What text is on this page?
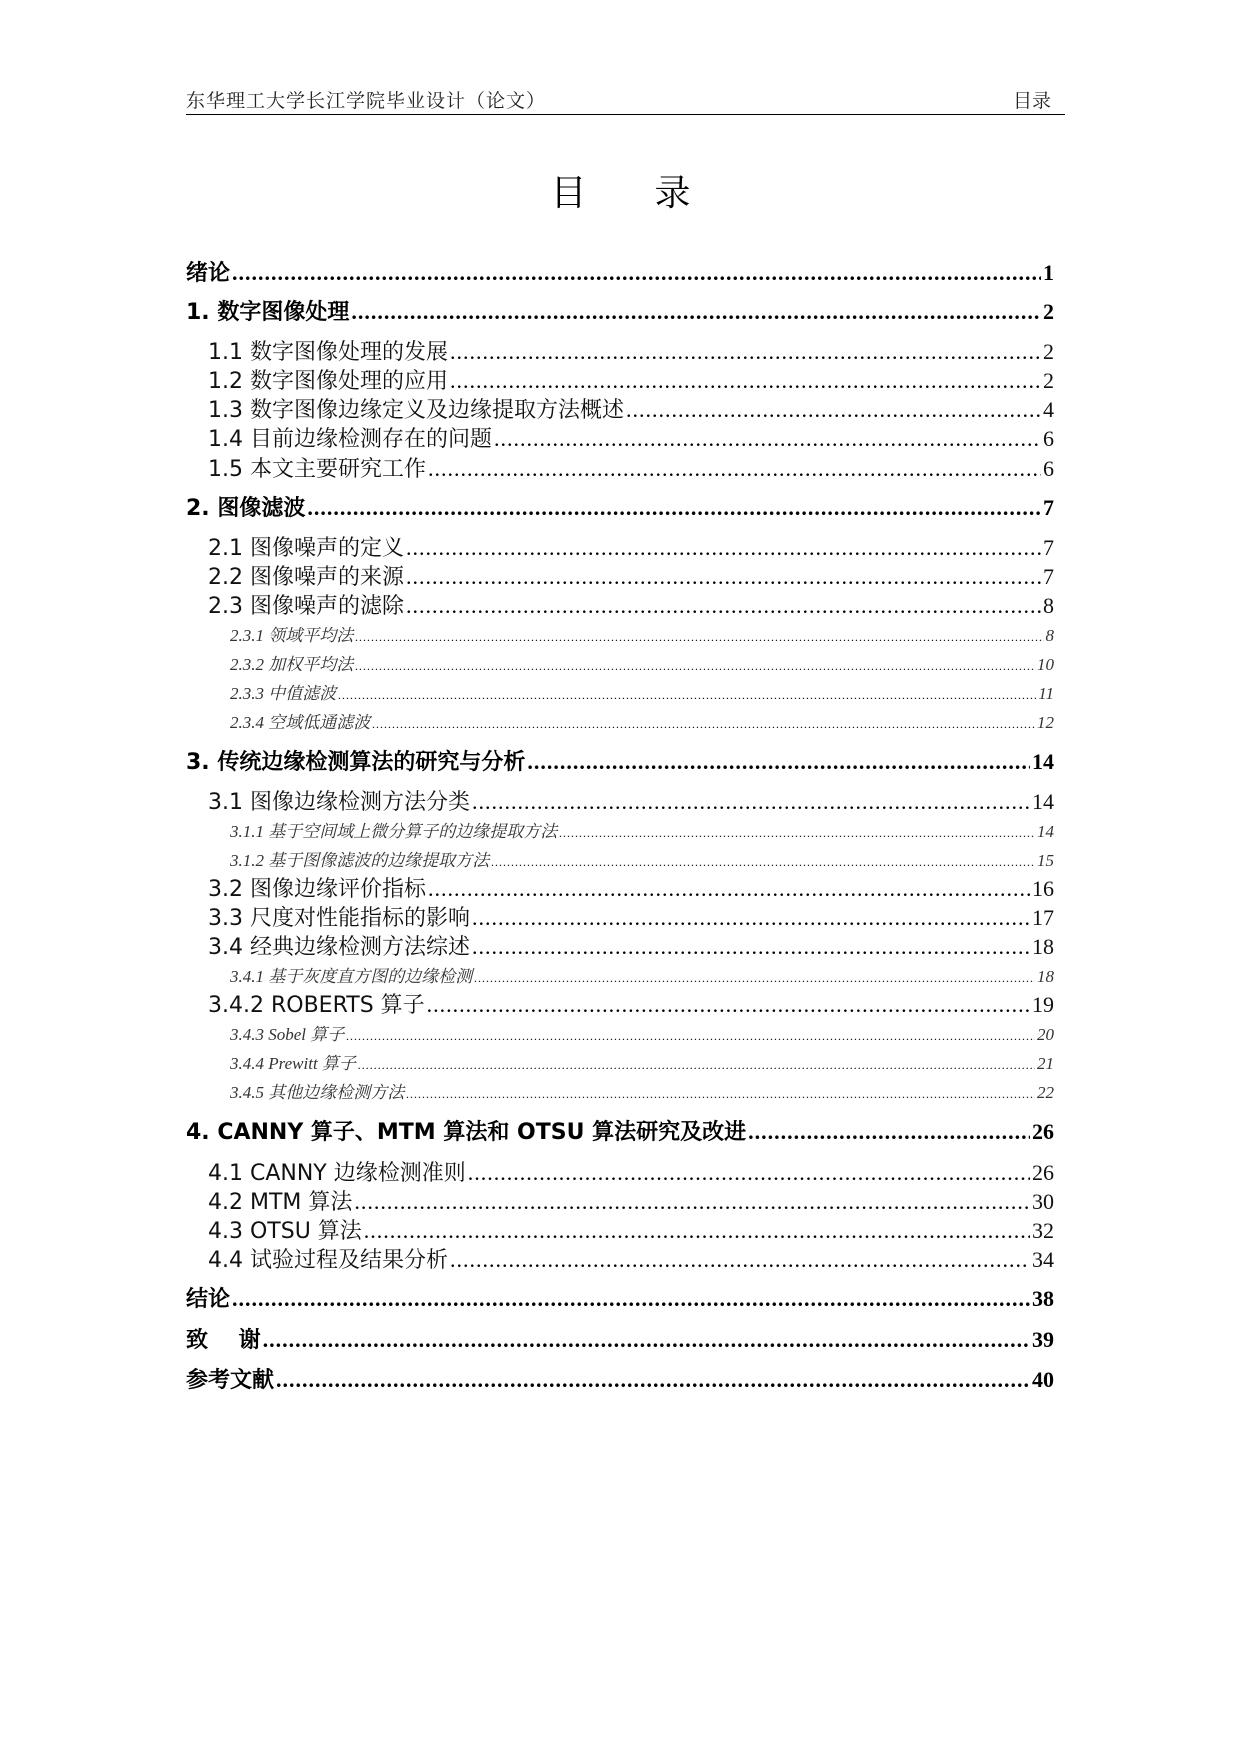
东华理工大学长江学院毕业设计（论文）	目录
目录
绪论 .....	1
1. 数字图像处理 .....	2
1.1 数字图像处理的发展 .....	2
1.2 数字图像处理的应用 .....	2
1.3 数字图像边缘定义及边缘提取方法概述 .....	4
1.4 目前边缘检测存在的问题 .....	6
1.5 本文主要研究工作 .....	6
2. 图像滤波 .....	7
2.1 图像噪声的定义 .....	7
2.2 图像噪声的来源 .....	7
2.3 图像噪声的滤除 .....	8
2.3.1 领域平均法 .....	8
2.3.2 加权平均法 .....	10
2.3.3 中值滤波 .....	11
2.3.4 空域低通滤波 .....	12
3. 传统边缘检测算法的研究与分析 .....	14
3.1 图像边缘检测方法分类 .....	14
3.1.1 基于空间域上微分算子的边缘提取方法 .....	14
3.1.2 基于图像滤波的边缘提取方法 .....	15
3.2 图像边缘评价指标 .....	16
3.3 尺度对性能指标的影响 .....	17
3.4 经典边缘检测方法综述 .....	18
3.4.1 基于灰度直方图的边缘检测 .....	18
3.4.2 ROBERTS 算子 .....	19
3.4.3 Sobel 算子 .....	20
3.4.4 Prewitt 算子 .....	21
3.4.5 其他边缘检测方法 .....	22
4. CANNY 算子、MTM 算法和 OTSU 算法研究及改进 .....	26
4.1 CANNY 边缘检测准则 .....	26
4.2 MTM 算法 .....	30
4.3 OTSU 算法 .....	32
4.4 试验过程及结果分析 .....	34
结论 .....	38
致    谢 .....	39
参考文献 .....	40
